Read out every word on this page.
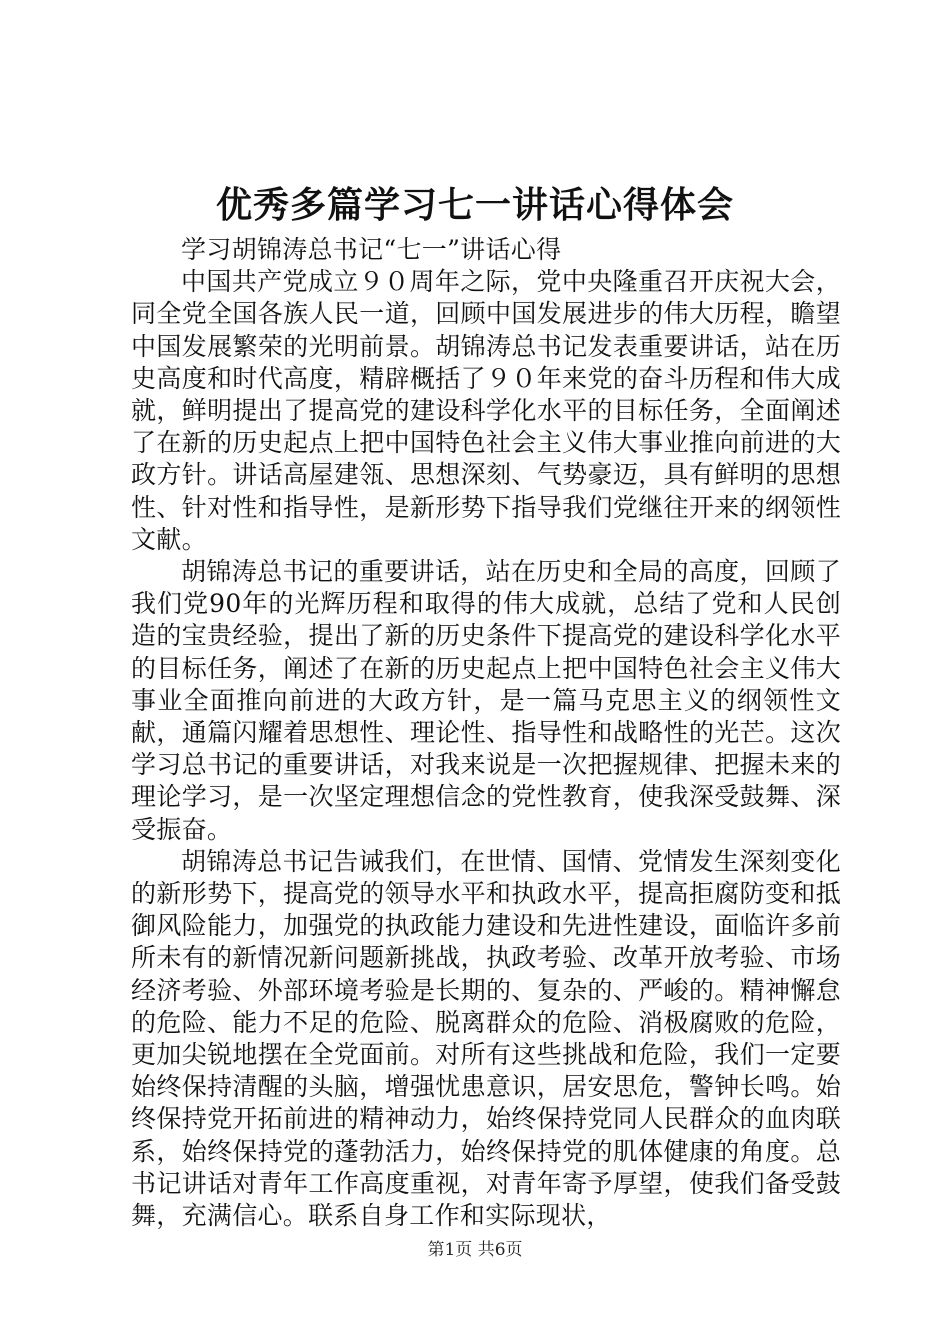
优秀多篇学习七一讲话心得体会

学习胡锦涛总书记“七一”讲话心得

中国共产党成立９０周年之际，党中央隆重召开庆祝大会，同全党全国各族人民一道，回顾中国发展进步的伟大历程，瞻望中国发展繁荣的光明前景。胡锦涛总书记发表重要讲话，站在历史高度和时代高度，精辟概括了９０年来党的奋斗历程和伟大成就，鲜明提出了提高党的建设科学化水平的目标任务，全面阐述了在新的历史起点上把中国特色社会主义伟大事业推向前进的大政方针。讲话高屋建瓴、思想深刻、气势豪迈，具有鲜明的思想性、针对性和指导性，是新形势下指导我们党继往开来的纲领性文献。

胡锦涛总书记的重要讲话，站在历史和全局的高度，回顾了我们党90年的光辉历程和取得的伟大成就，总结了党和人民创造的宝贵经验，提出了新的历史条件下提高党的建设科学化水平的目标任务，阐述了在新的历史起点上把中国特色社会主义伟大事业全面推向前进的大政方针，是一篇马克思主义的纲领性文献，通篇闪耀着思想性、理论性、指导性和战略性的光芒。这次学习总书记的重要讲话，对我来说是一次把握规律、把握未来的理论学习，是一次坚定理想信念的党性教育，使我深受鼓舞、深受振奋。

胡锦涛总书记告诫我们，在世情、国情、党情发生深刻变化的新形势下，提高党的领导水平和执政水平，提高拒腐防变和抵御风险能力，加强党的执政能力建设和先进性建设，面临许多前所未有的新情况新问题新挑战，执政考验、改革开放考验、市场经济考验、外部环境考验是长期的、复杂的、严峻的。精神懈怠的危险、能力不足的危险、脱离群众的危险、消极腐败的危险，更加尖锐地摆在全党面前。对所有这些挑战和危险，我们一定要始终保持清醒的头脑，增强忧患意识，居安思危，警钟长鸣。始终保持党开拓前进的精神动力，始终保持党同人民群众的血肉联系，始终保持党的蓬勃活力，始终保持党的肌体健康的角度。总书记讲话对青年工作高度重视，对青年寄予厚望，使我们备受鼓舞，充满信心。联系自身工作和实际现状，

第1页 共6页
